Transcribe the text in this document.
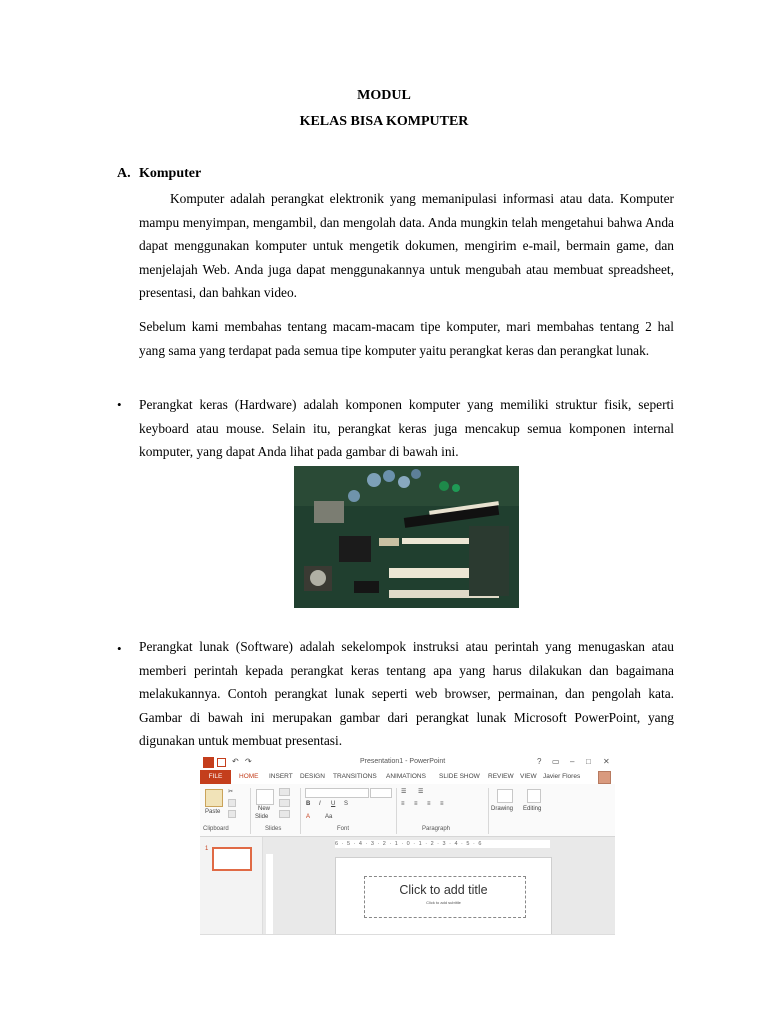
MODUL
KELAS BISA KOMPUTER
A. Komputer
Komputer adalah perangkat elektronik yang memanipulasi informasi atau data. Komputer mampu menyimpan, mengambil, dan mengolah data. Anda mungkin telah mengetahui bahwa Anda dapat menggunakan komputer untuk mengetik dokumen, mengirim e-mail, bermain game, dan menjelajah Web. Anda juga dapat menggunakannya untuk mengubah atau membuat spreadsheet, presentasi, dan bahkan video.
Sebelum kami membahas tentang macam-macam tipe komputer, mari membahas tentang 2 hal yang sama yang terdapat pada semua tipe komputer yaitu perangkat keras dan perangkat lunak.
• Perangkat keras (Hardware) adalah komponen komputer yang memiliki struktur fisik, seperti keyboard atau mouse. Selain itu, perangkat keras juga mencakup semua komponen internal komputer, yang dapat Anda lihat pada gambar di bawah ini.
• Perangkat lunak (Software) adalah sekelompok instruksi atau perintah yang menugaskan atau memberi perintah kepada perangkat keras tentang apa yang harus dilakukan dan bagaimana melakukannya. Contoh perangkat lunak seperti web browser, permainan, dan pengolah kata. Gambar di bawah ini merupakan gambar dari perangkat lunak Microsoft PowerPoint, yang digunakan untuk membuat presentasi.
↶ ↷	Presentation1 - PowerPoint	? ▭ – □ ✕
FILE	HOME INSERT DESIGN TRANSITIONS ANIMATIONS SLIDE SHOW REVIEW VIEW Javier Flores
Paste
✂
Clipboard
New
Slide
Slides
B I U S
A Aa
Font
☰ ☰
≡ ≡ ≡ ≡
Paragraph
Drawing Editing
1
6 · 5 · 4 · 3 · 2 · 1 · 0 · 1 · 2 · 3 · 4 · 5 · 6
Click to add title
Click to add subtitle
